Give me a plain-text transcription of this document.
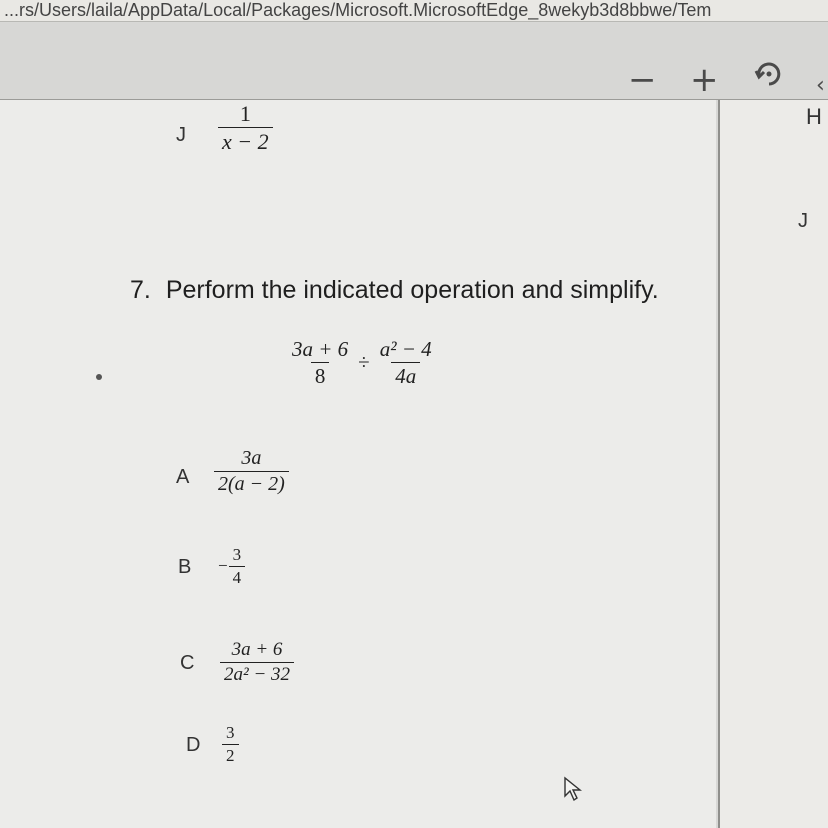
...rs/Users/laila/AppData/Local/Packages/Microsoft.MicrosoftEdge_8wekyb3d8bbwe/Tem
− +	‹
J $\frac{1}{x - 2}$
7. Perform the indicated operation and simplify.
$\frac{3a + 6}{8} \div \frac{\text{a² − 4}}{4a}$
A $\frac{3a}{2(a - 2)}$
$B - \frac{3}{4}$
C $\frac{3a + 6}{\text{2a² − 32}}$
D $\frac{3}{2}$
H
J
